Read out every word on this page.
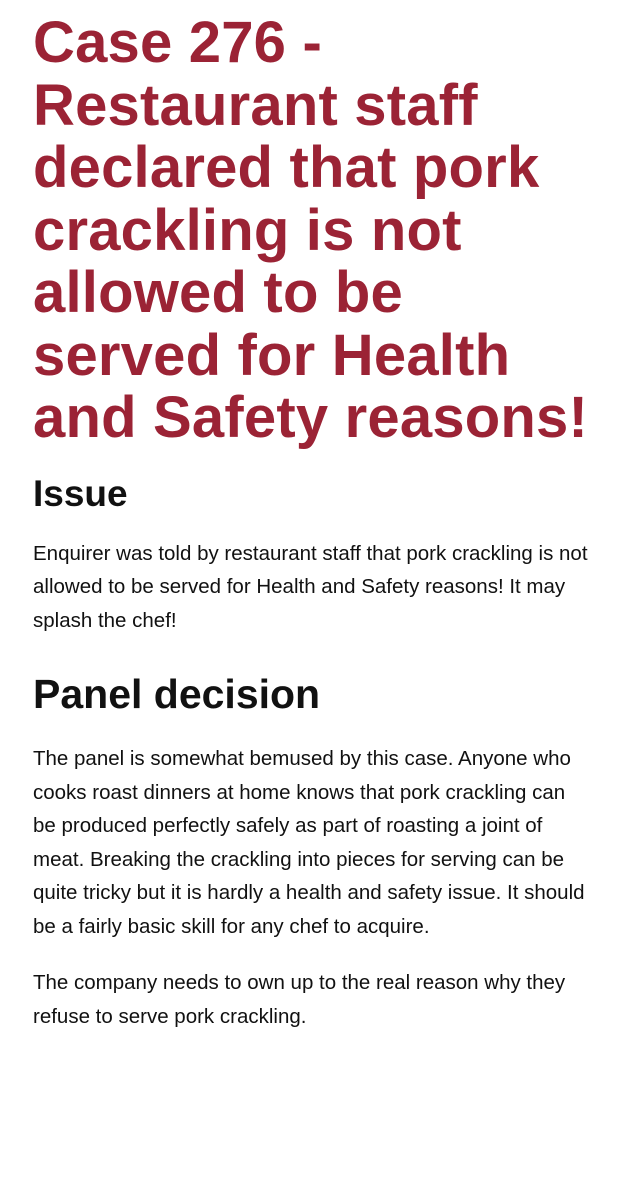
Case 276 - Restaurant staff declared that pork crackling is not allowed to be served for Health and Safety reasons!
Issue

Enquirer was told by restaurant staff that pork crackling is not allowed to be served for Health and Safety reasons! It may splash the chef!

Panel decision

The panel is somewhat bemused by this case. Anyone who cooks roast dinners at home knows that pork crackling can be produced perfectly safely as part of roasting a joint of meat. Breaking the crackling into pieces for serving can be quite tricky but it is hardly a health and safety issue. It should be a fairly basic skill for any chef to acquire.

The company needs to own up to the real reason why they refuse to serve pork crackling.
